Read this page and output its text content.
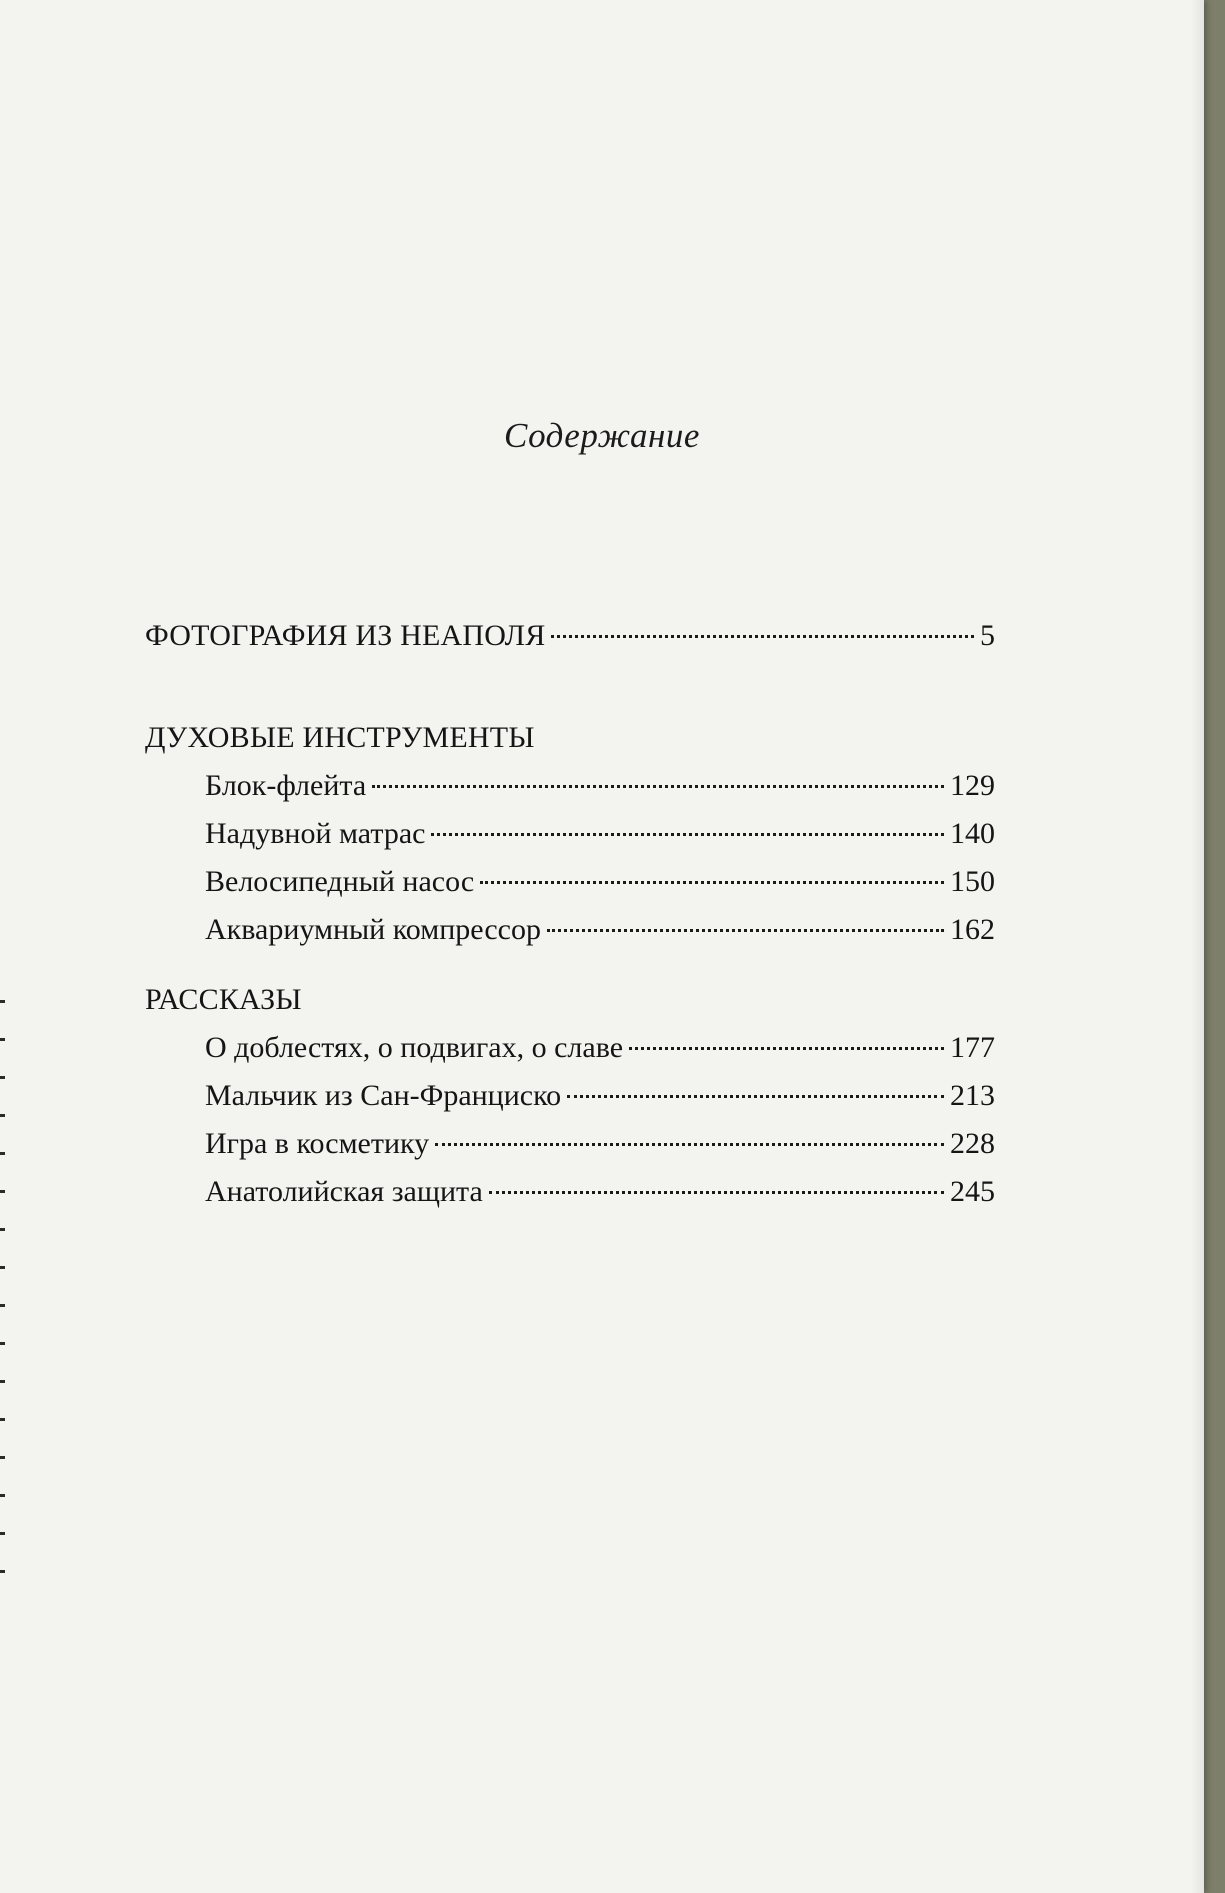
Содержание
ФОТОГРАФИЯ ИЗ НЕАПОЛЯ	5
ДУХОВЫЕ ИНСТРУМЕНТЫ
Блок-флейта	129
Надувной матрас	140
Велосипедный насос	150
Аквариумный компрессор	162
РАССКАЗЫ
О доблестях, о подвигах, о славе	177
Мальчик из Сан-Франциско	213
Игра в косметику	228
Анатолийская защита	245
